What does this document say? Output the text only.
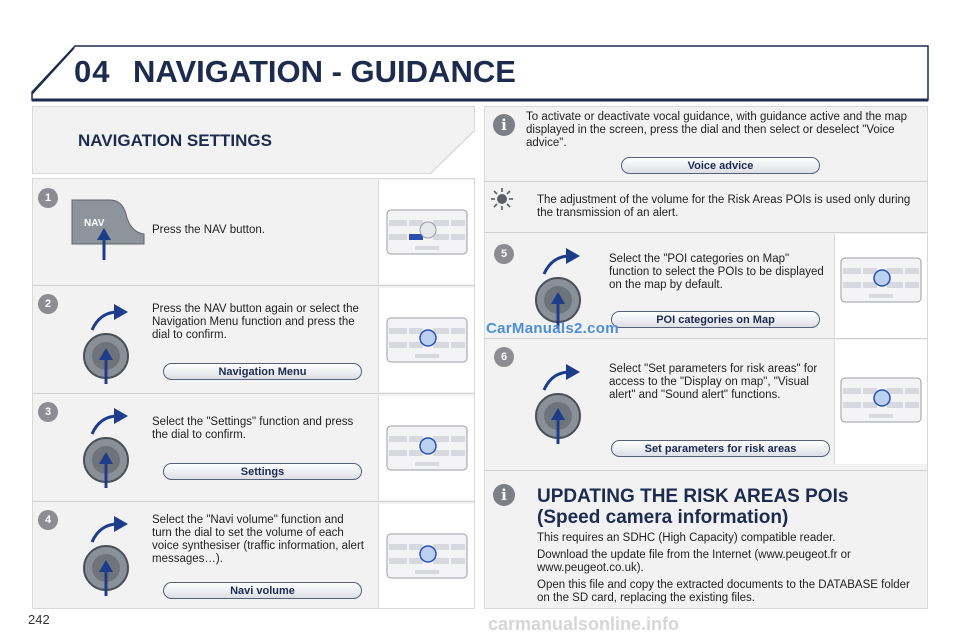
04 NAVIGATION - GUIDANCE
NAVIGATION SETTINGS
1
NAV
Press the NAV button.
2	Press the NAV button again or select the Navigation Menu function and press the dial to confirm.
Navigation Menu
3
Select the "Settings" function and press the dial to confirm.
Settings
4	Select the "Navi volume" function and turn the dial to set the volume of each voice synthesiser (traffic information, alert messages…).
Navi volume
i	To activate or deactivate vocal guidance, with guidance active and the map displayed in the screen, press the dial and then select or deselect "Voice advice".
Voice advice
The adjustment of the volume for the Risk Areas POIs is used only during the transmission of an alert.
5	Select the "POI categories on Map" function to select the POIs to be displayed on the map by default.
POI categories on Map
6
Select "Set parameters for risk areas" for access to the "Display on map", "Visual alert" and "Sound alert" functions.
Set parameters for risk areas
i	UPDATING THE RISK AREAS POIs
(Speed camera information)
This requires an SDHC (High Capacity) compatible reader.
Download the update file from the Internet (www.peugeot.fr or www.peugeot.co.uk).
Open this file and copy the extracted documents to the DATABASE folder on the SD card, replacing the existing files.
CarManuals2.com
242	carmanualsonline.info
